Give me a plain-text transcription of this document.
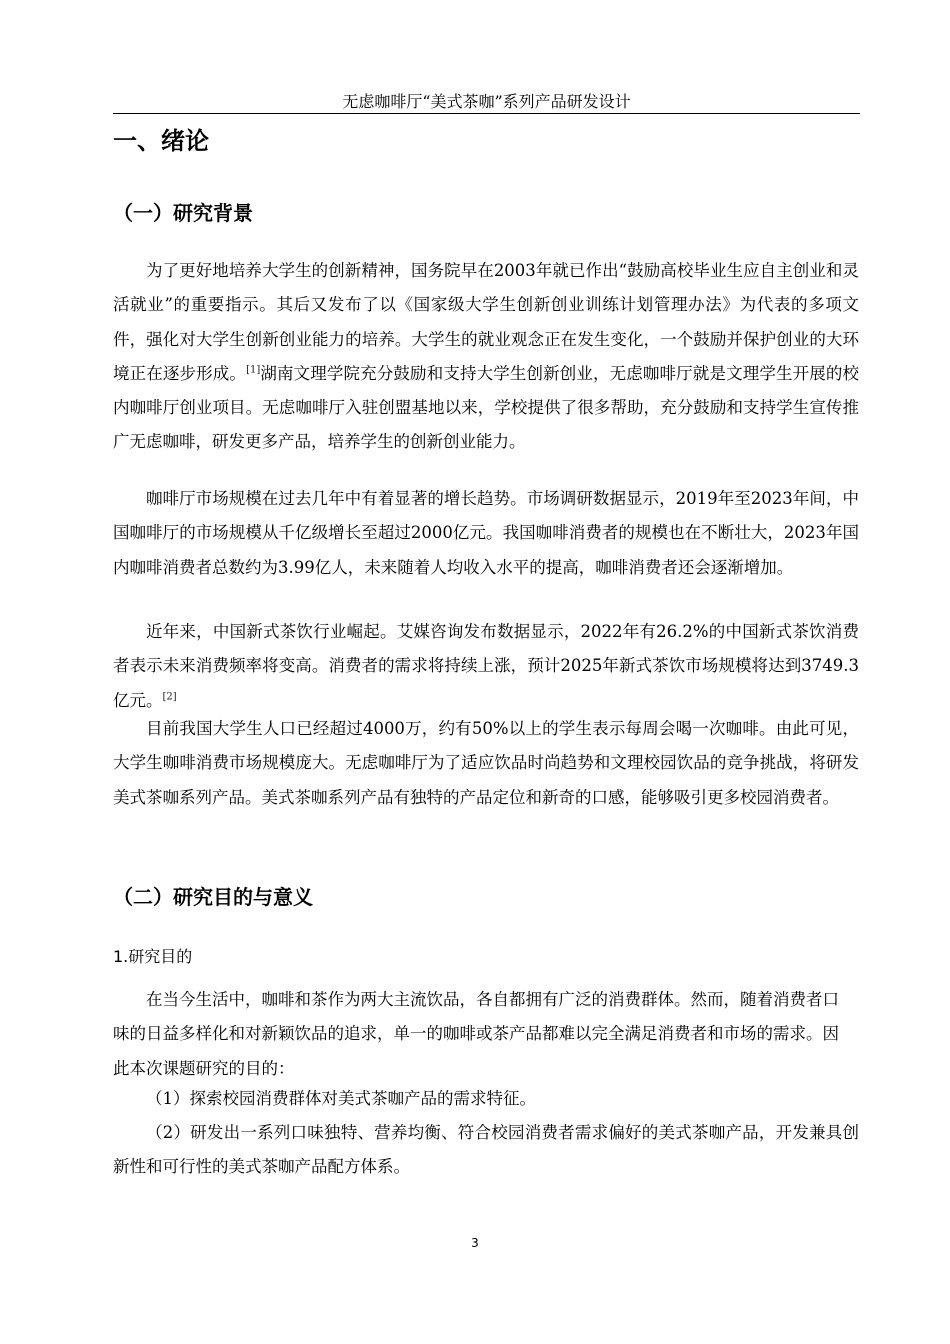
无虑咖啡厅“美式茶咖”系列产品研发设计
一、绪论
（一）研究背景

为了更好地培养大学生的创新精神，国务院早在2003年就已作出“鼓励高校毕业生应自主创业和灵活就业”的重要指示。其后又发布了以《国家级大学生创新创业训练计划管理办法》为代表的多项文件，强化对大学生创新创业能力的培养。大学生的就业观念正在发生变化，一个鼓励并保护创业的大环境正在逐步形成。[1]湖南文理学院充分鼓励和支持大学生创新创业，无虑咖啡厅就是文理学生开展的校内咖啡厅创业项目。无虑咖啡厅入驻创盟基地以来，学校提供了很多帮助，充分鼓励和支持学生宣传推广无虑咖啡，研发更多产品，培养学生的创新创业能力。

咖啡厅市场规模在过去几年中有着显著的增长趋势。市场调研数据显示，2019年至2023年间，中国咖啡厅的市场规模从千亿级增长至超过2000亿元。我国咖啡消费者的规模也在不断壮大，2023年国内咖啡消费者总数约为3.99亿人，未来随着人均收入水平的提高，咖啡消费者还会逐渐增加。

近年来，中国新式茶饮行业崛起。艾媒咨询发布数据显示，2022年有26.2%的中国新式茶饮消费者表示未来消费频率将变高。消费者的需求将持续上涨，预计2025年新式茶饮市场规模将达到3749.3亿元。[2]

目前我国大学生人口已经超过4000万，约有50%以上的学生表示每周会喝一次咖啡。由此可见，大学生咖啡消费市场规模庞大。无虑咖啡厅为了适应饮品时尚趋势和文理校园饮品的竞争挑战，将研发美式茶咖系列产品。美式茶咖系列产品有独特的产品定位和新奇的口感，能够吸引更多校园消费者。

（二）研究目的与意义
1.研究目的

在当今生活中，咖啡和茶作为两大主流饮品，各自都拥有广泛的消费群体。然而，随着消费者口味的日益多样化和对新颖饮品的追求，单一的咖啡或茶产品都难以完全满足消费者和市场的需求。因此本次课题研究的目的：

（1）探索校园消费群体对美式茶咖产品的需求特征。

（2）研发出一系列口味独特、营养均衡、符合校园消费者需求偏好的美式茶咖产品，开发兼具创新性和可行性的美式茶咖产品配方体系。

3
